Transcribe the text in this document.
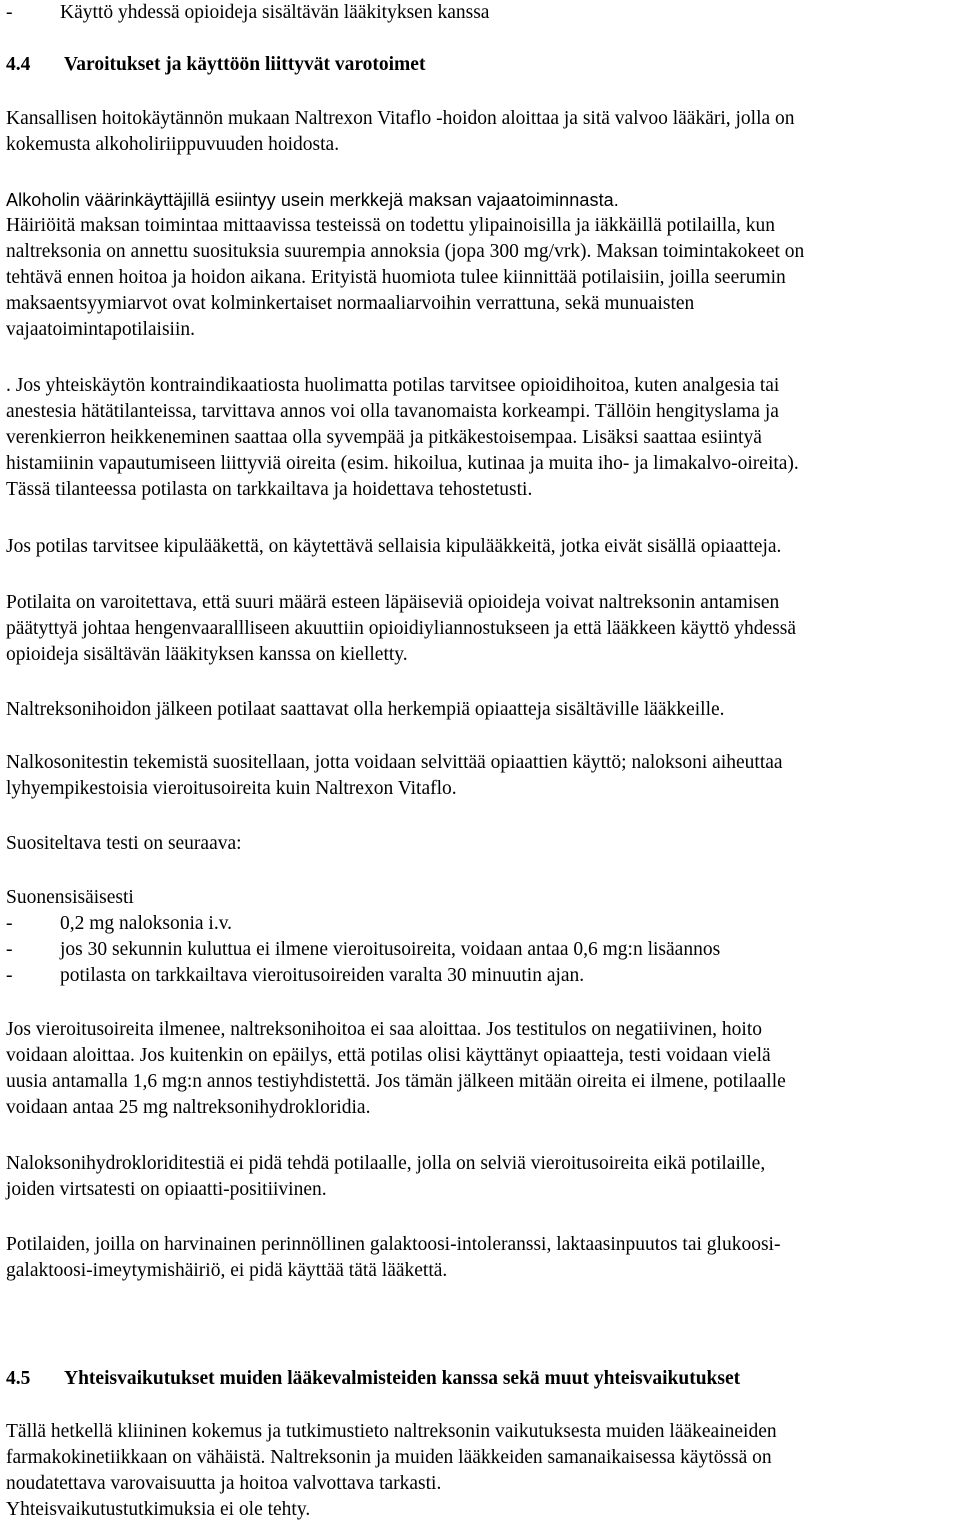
- Käyttö yhdessä opioideja sisältävän lääkityksen kanssa
4.4 Varoitukset ja käyttöön liittyvät varotoimet
Kansallisen hoitokäytännön mukaan Naltrexon Vitaflo -hoidon aloittaa ja sitä valvoo lääkäri, jolla on
kokemusta alkoholiriippuvuuden hoidosta.
Alkoholin väärinkäyttäjillä esiintyy usein merkkejä maksan vajaatoiminnasta.
Häiriöitä maksan toimintaa mittaavissa testeissä on todettu ylipainoisilla ja iäkkäillä potilailla, kun
naltreksonia on annettu suosituksia suurempia annoksia (jopa 300 mg/vrk). Maksan toimintakokeet on
tehtävä ennen hoitoa ja hoidon aikana. Erityistä huomiota tulee kiinnittää potilaisiin, joilla seerumin
maksaentsyymiarvot ovat kolminkertaiset normaaliarvoihin verrattuna, sekä munuaisten
vajaatoimintapotilaisiin.
. Jos yhteiskäytön kontraindikaatiosta huolimatta potilas tarvitsee opioidihoitoa, kuten analgesia tai
anestesia hätätilanteissa, tarvittava annos voi olla tavanomaista korkeampi. Tällöin hengityslama ja
verenkierron heikkeneminen saattaa olla syvempää ja pitkäkestoisempaa. Lisäksi saattaa esiintyä
histamiinin vapautumiseen liittyviä oireita (esim. hikoilua, kutinaa ja muita iho- ja limakalvo-oireita).
Tässä tilanteessa potilasta on tarkkailtava ja hoidettava tehostetusti.
Jos potilas tarvitsee kipulääkettä, on käytettävä sellaisia kipulääkkeitä, jotka eivät sisällä opiaatteja.
Potilaita on varoitettava, että suuri määrä esteen läpäiseviä opioideja voivat naltreksonin antamisen
päätyttyä johtaa hengenvaarallliseen akuuttiin opioidiyliannostukseen ja että lääkkeen käyttö yhdessä
opioideja sisältävän lääkityksen kanssa on kielletty.
Naltreksonihoidon jälkeen potilaat saattavat olla herkempiä opiaatteja sisältäville lääkkeille.
Nalkosonitestin tekemistä suositellaan, jotta voidaan selvittää opiaattien käyttö; naloksoni aiheuttaa
lyhyempikestoisia vieroitusoireita kuin Naltrexon Vitaflo.
Suositeltava testi on seuraava:
Suonensisäisesti
- 0,2 mg naloksonia i.v.
- jos 30 sekunnin kuluttua ei ilmene vieroitusoireita, voidaan antaa 0,6 mg:n lisäannos
- potilasta on tarkkailtava vieroitusoireiden varalta 30 minuutin ajan.
Jos vieroitusoireita ilmenee, naltreksonihoitoa ei saa aloittaa. Jos testitulos on negatiivinen, hoito
voidaan aloittaa. Jos kuitenkin on epäilys, että potilas olisi käyttänyt opiaatteja, testi voidaan vielä
uusia antamalla 1,6 mg:n annos testiyhdistettä. Jos tämän jälkeen mitään oireita ei ilmene, potilaalle
voidaan antaa 25 mg naltreksonihydrokloridia.
Naloksonihydrokloriditestiä ei pidä tehdä potilaalle, jolla on selviä vieroitusoireita eikä potilaille,
joiden virtsatesti on opiaatti-positiivinen.
Potilaiden, joilla on harvinainen perinnöllinen galaktoosi-intoleranssi, laktaasinpuutos tai glukoosi-
galaktoosi-imeytymishäiriö, ei pidä käyttää tätä lääkettä.
4.5 Yhteisvaikutukset muiden lääkevalmisteiden kanssa sekä muut yhteisvaikutukset
Tällä hetkellä kliininen kokemus ja tutkimustieto naltreksonin vaikutuksesta muiden lääkeaineiden
farmakokinetiikkaan on vähäistä. Naltreksonin ja muiden lääkkeiden samanaikaisessa käytössä on
noudatettava varovaisuutta ja hoitoa valvottava tarkasti.
Yhteisvaikutustutkimuksia ei ole tehty.
